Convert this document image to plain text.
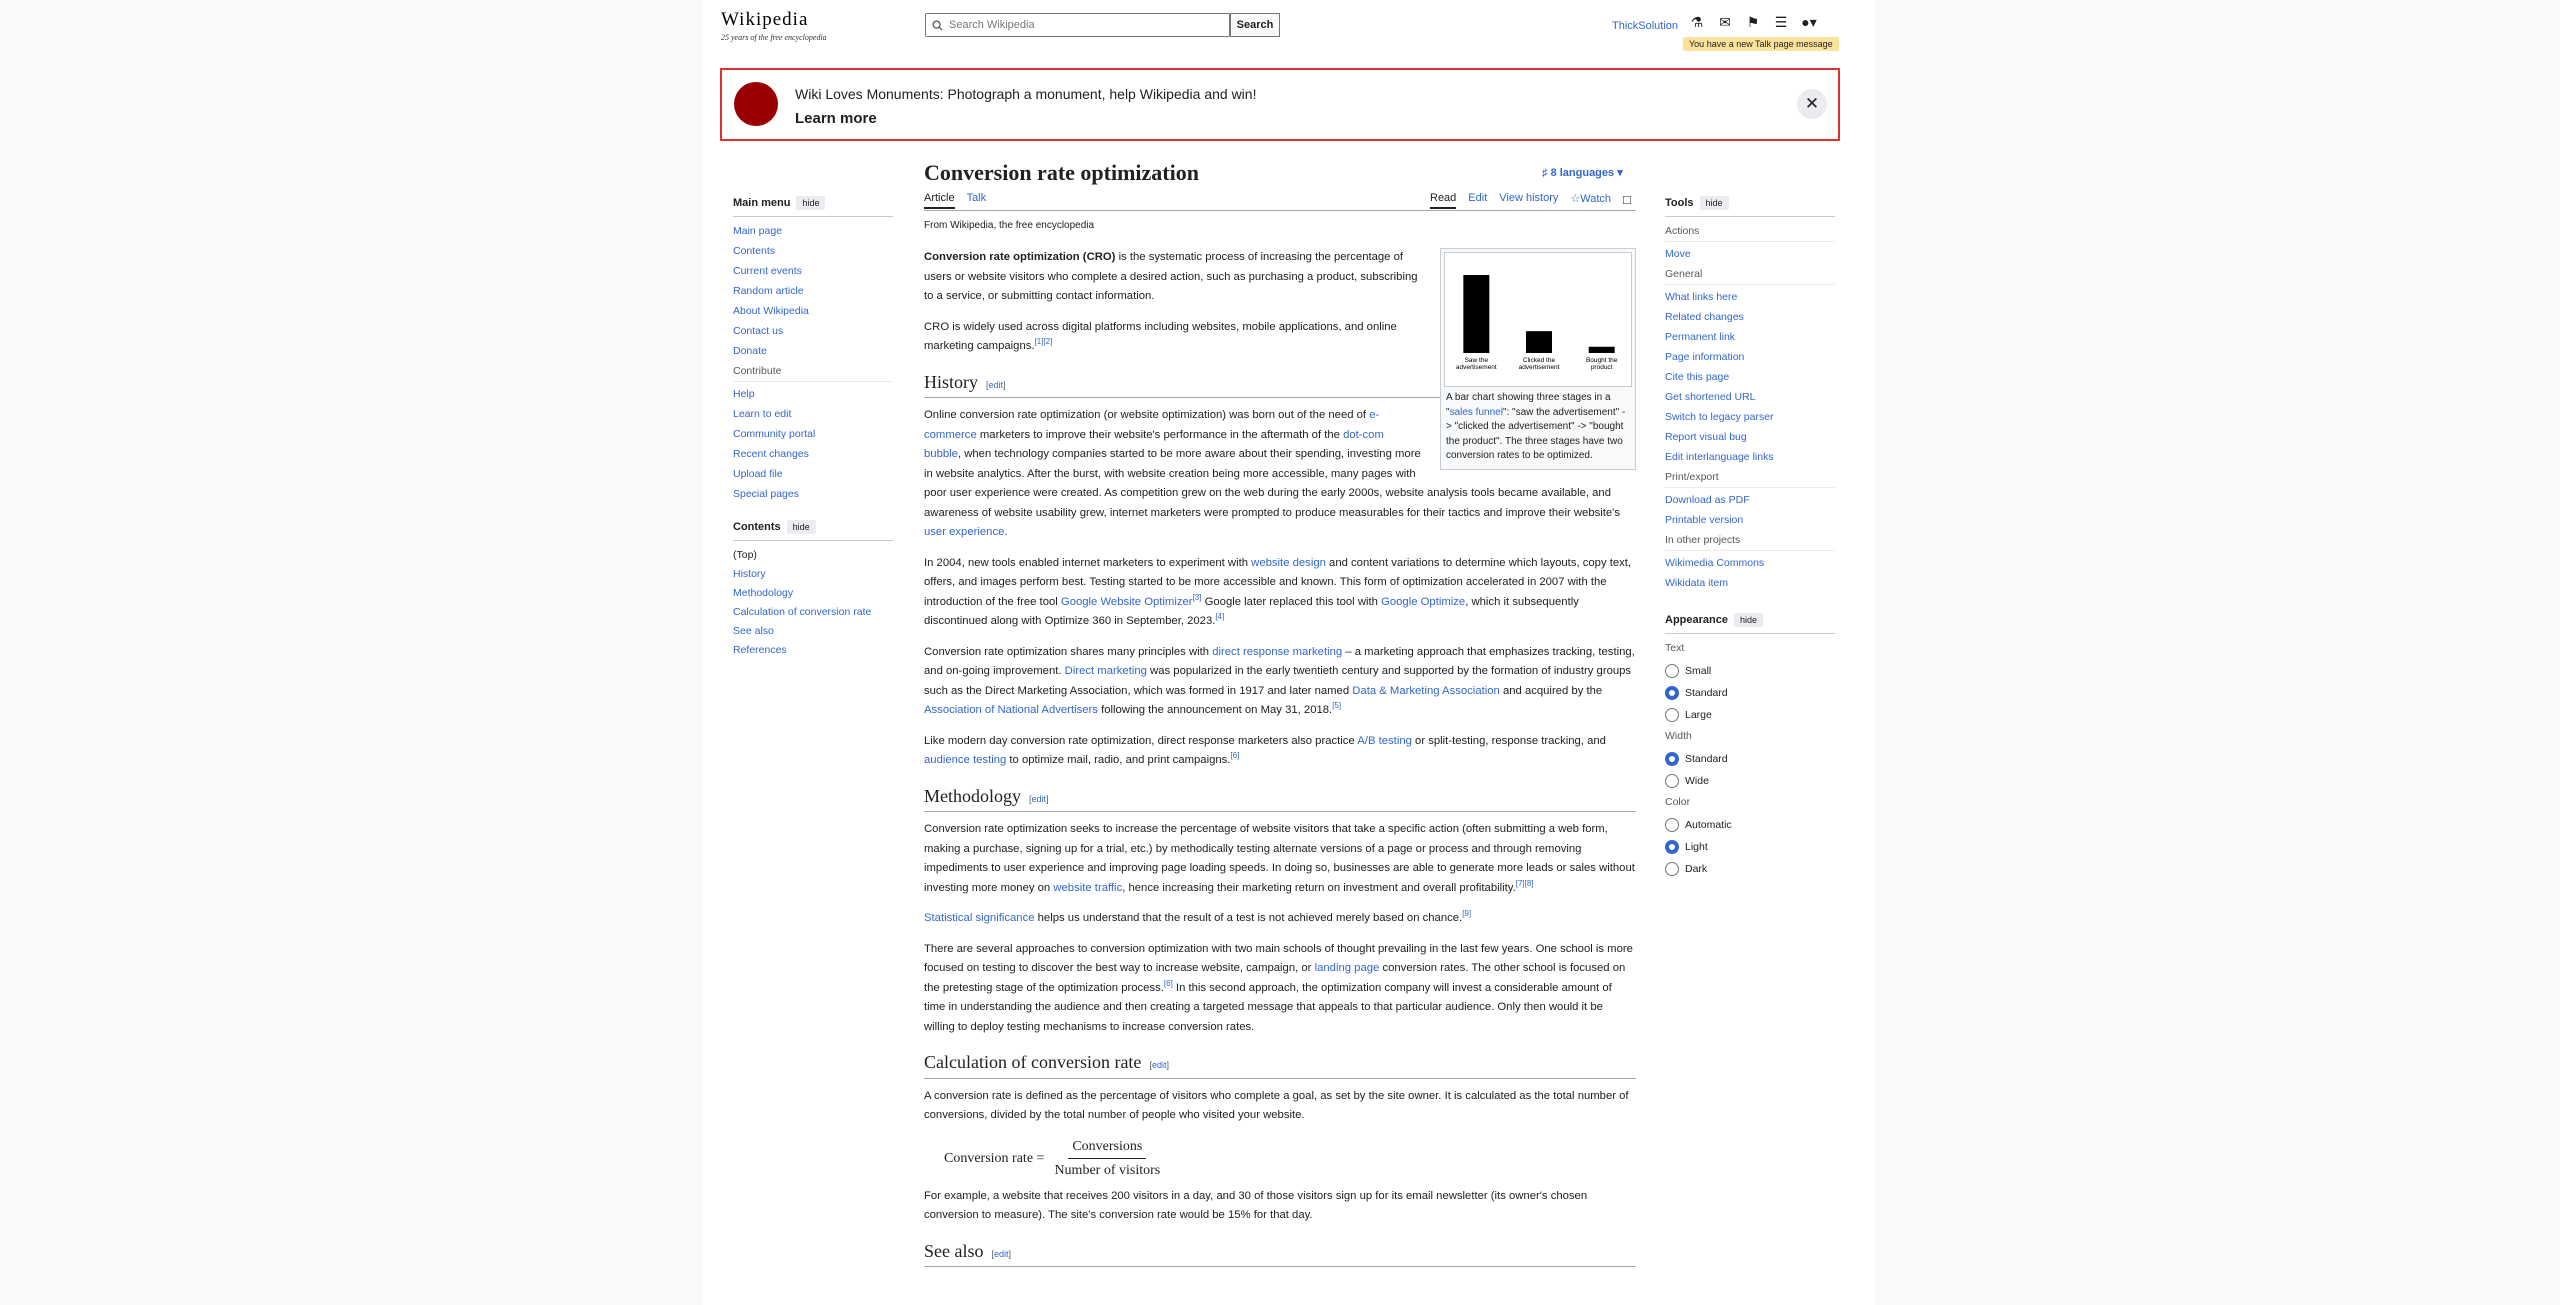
Wikipedia
25 years of the free encyclopedia
Search Wikipedia
Search	ThickSolution ⚗ ✉ ⚑ ☰ ●▾
You have a new Talk page message
Wiki Loves Monuments: Photograph a monument, help Wikipedia and win!
Learn more
✕
Conversion rate optimization	♯ 8 languages ▾
Article Talk	Read Edit View history ☆Watch □
From Wikipedia, the free encyclopedia
Saw the
advertisement
Clicked the
advertisement
Bought the
product
A bar chart showing three stages in a "sales funnel": "saw the advertisement" -> "clicked the advertisement" -> "bought the product". The three stages have two conversion rates to be optimized.

Conversion rate optimization (CRO) is the systematic process of increasing the percentage of users or website visitors who complete a desired action, such as purchasing a product, subscribing to a service, or submitting contact information.

CRO is widely used across digital platforms including websites, mobile applications, and online marketing campaigns.[1][2]

History [edit]

Online conversion rate optimization (or website optimization) was born out of the need of e-commerce marketers to improve their website's performance in the aftermath of the dot-com bubble, when technology companies started to be more aware about their spending, investing more in website analytics. After the burst, with website creation being more accessible, many pages with poor user experience were created. As competition grew on the web during the early 2000s, website analysis tools became available, and awareness of website usability grew, internet marketers were prompted to produce measurables for their tactics and improve their website's user experience.

In 2004, new tools enabled internet marketers to experiment with website design and content variations to determine which layouts, copy text, offers, and images perform best. Testing started to be more accessible and known. This form of optimization accelerated in 2007 with the introduction of the free tool Google Website Optimizer[3] Google later replaced this tool with Google Optimize, which it subsequently discontinued along with Optimize 360 in September, 2023.[4]

Conversion rate optimization shares many principles with direct response marketing – a marketing approach that emphasizes tracking, testing, and on-going improvement. Direct marketing was popularized in the early twentieth century and supported by the formation of industry groups such as the Direct Marketing Association, which was formed in 1917 and later named Data & Marketing Association and acquired by the Association of National Advertisers following the announcement on May 31, 2018.[5]

Like modern day conversion rate optimization, direct response marketers also practice A/B testing or split-testing, response tracking, and audience testing to optimize mail, radio, and print campaigns.[6]

Methodology [edit]

Conversion rate optimization seeks to increase the percentage of website visitors that take a specific action (often submitting a web form, making a purchase, signing up for a trial, etc.) by methodically testing alternate versions of a page or process and through removing impediments to user experience and improving page loading speeds. In doing so, businesses are able to generate more leads or sales without investing more money on website traffic, hence increasing their marketing return on investment and overall profitability.[7][8]

Statistical significance helps us understand that the result of a test is not achieved merely based on chance.[9]

There are several approaches to conversion optimization with two main schools of thought prevailing in the last few years. One school is more focused on testing to discover the best way to increase website, campaign, or landing page conversion rates. The other school is focused on the pretesting stage of the optimization process.[6] In this second approach, the optimization company will invest a considerable amount of time in understanding the audience and then creating a targeted message that appeals to that particular audience. Only then would it be willing to deploy testing mechanisms to increase conversion rates.

Calculation of conversion rate [edit]

A conversion rate is defined as the percentage of visitors who complete a goal, as set by the site owner. It is calculated as the total number of conversions, divided by the total number of people who visited your website.

Conversion rate = $\frac{\text{Conversions}}{\text{Number of visitors}}$

For example, a website that receives 200 visitors in a day, and 30 of those visitors sign up for its email newsletter (its owner's chosen conversion to measure). The site's conversion rate would be 15% for that day.

See also [edit]
Main menu	hide
Main page
Contents
Current events
Random article
About Wikipedia
Contact us
Donate
Contribute
Help
Learn to edit
Community portal
Recent changes
Upload file
Special pages
Contents	hide
(Top)
History
Methodology
Calculation of conversion rate
See also
References
Tools	hide
Actions
Move
General
What links here
Related changes
Permanent link
Page information
Cite this page
Get shortened URL
Switch to legacy parser
Report visual bug
Edit interlanguage links
Print/export
Download as PDF
Printable version
In other projects
Wikimedia Commons
Wikidata item
Appearance	hide
Text
Small
Standard
Large
Width
Standard
Wide
Color
Automatic
Light
Dark
